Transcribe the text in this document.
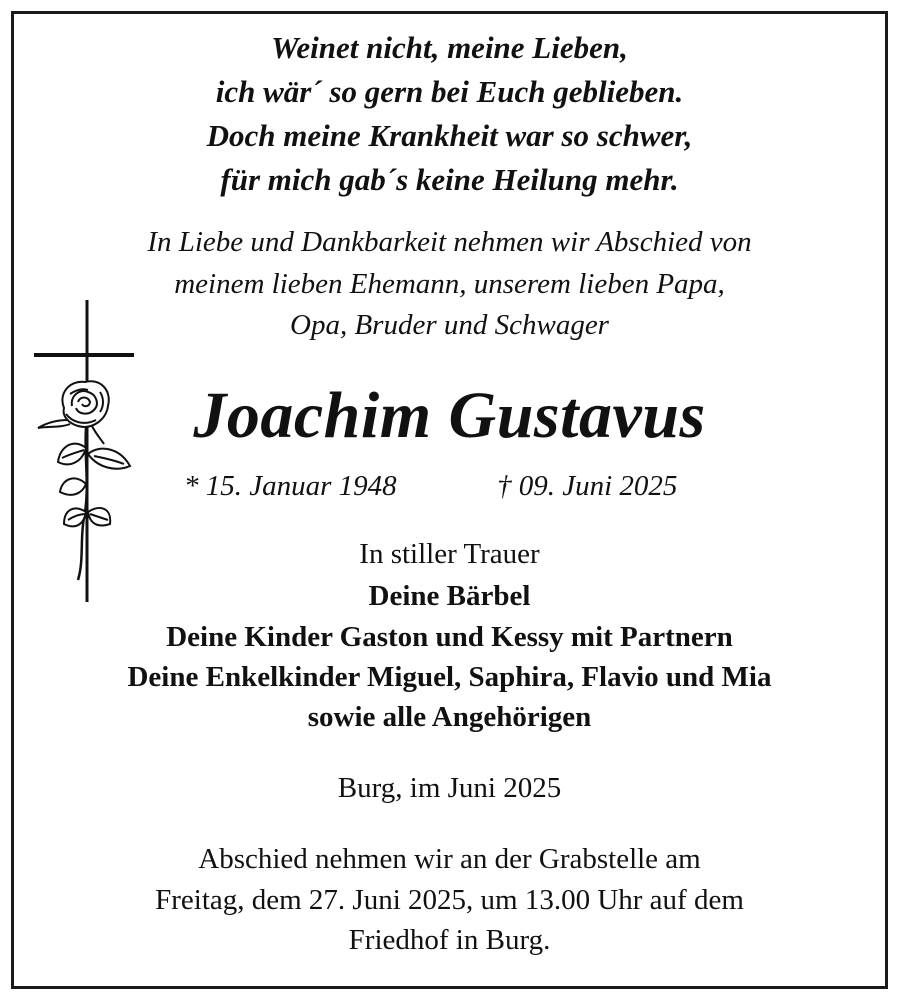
Weinet nicht, meine Lieben,
ich wär´ so gern bei Euch geblieben.
Doch meine Krankheit war so schwer,
für mich gab´s keine Heilung mehr.
In Liebe und Dankbarkeit nehmen wir Abschied von
meinem lieben Ehemann, unserem lieben Papa,
Opa, Bruder und Schwager
Joachim Gustavus
* 15. Januar 1948	† 09. Juni 2025
In stiller Trauer
Deine Bärbel
Deine Kinder Gaston und Kessy mit Partnern
Deine Enkelkinder Miguel, Saphira, Flavio und Mia
sowie alle Angehörigen
Burg, im Juni 2025
Abschied nehmen wir an der Grabstelle am
Freitag, dem 27. Juni 2025, um 13.00 Uhr auf dem
Friedhof in Burg.
